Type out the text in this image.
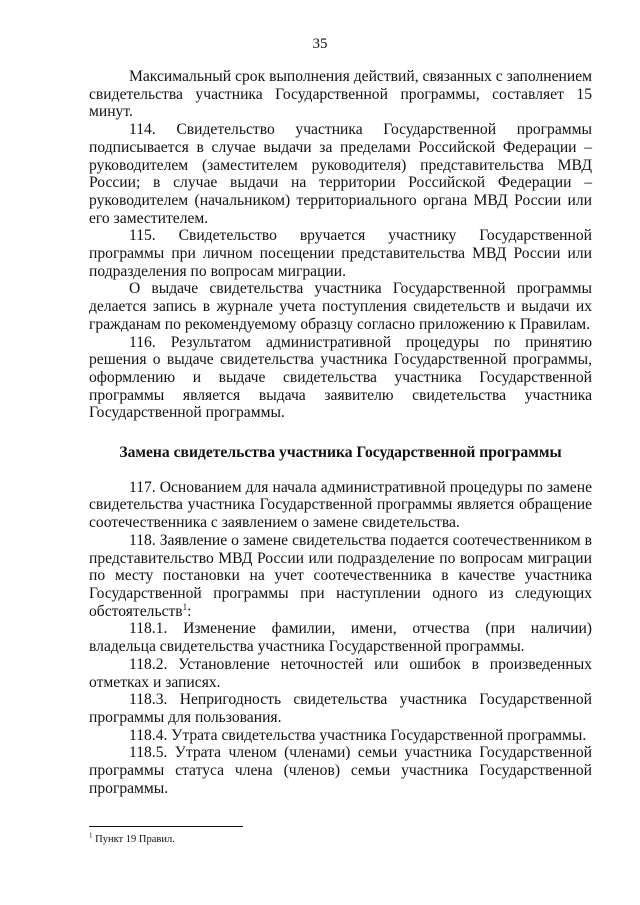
35

Максимальный срок выполнения действий, связанных с заполнением свидетельства участника Государственной программы, составляет 15 минут.

114. Свидетельство участника Государственной программы подписывается в случае выдачи за пределами Российской Федерации – руководителем (заместителем руководителя) представительства МВД России; в случае выдачи на территории Российской Федерации – руководителем (начальником) территориального органа МВД России или его заместителем.

115. Свидетельство вручается участнику Государственной программы при личном посещении представительства МВД России или подразделения по вопросам миграции.

О выдаче свидетельства участника Государственной программы делается запись в журнале учета поступления свидетельств и выдачи их гражданам по рекомендуемому образцу согласно приложению к Правилам.

116. Результатом административной процедуры по принятию решения о выдаче свидетельства участника Государственной программы, оформлению и выдаче свидетельства участника Государственной программы является выдача заявителю свидетельства участника Государственной программы.

Замена свидетельства участника Государственной программы

117. Основанием для начала административной процедуры по замене свидетельства участника Государственной программы является обращение соотечественника с заявлением о замене свидетельства.

118. Заявление о замене свидетельства подается соотечественником в представительство МВД России или подразделение по вопросам миграции по месту постановки на учет соотечественника в качестве участника Государственной программы при наступлении одного из следующих обстоятельств$^1$:

118.1. Изменение фамилии, имени, отчества (при наличии) владельца свидетельства участника Государственной программы.

118.2. Установление неточностей или ошибок в произведенных отметках и записях.

118.3. Непригодность свидетельства участника Государственной программы для пользования.

118.4. Утрата свидетельства участника Государственной программы.

118.5. Утрата членом (членами) семьи участника Государственной программы статуса члена (членов) семьи участника Государственной программы.

$^1$ Пункт 19 Правил.
